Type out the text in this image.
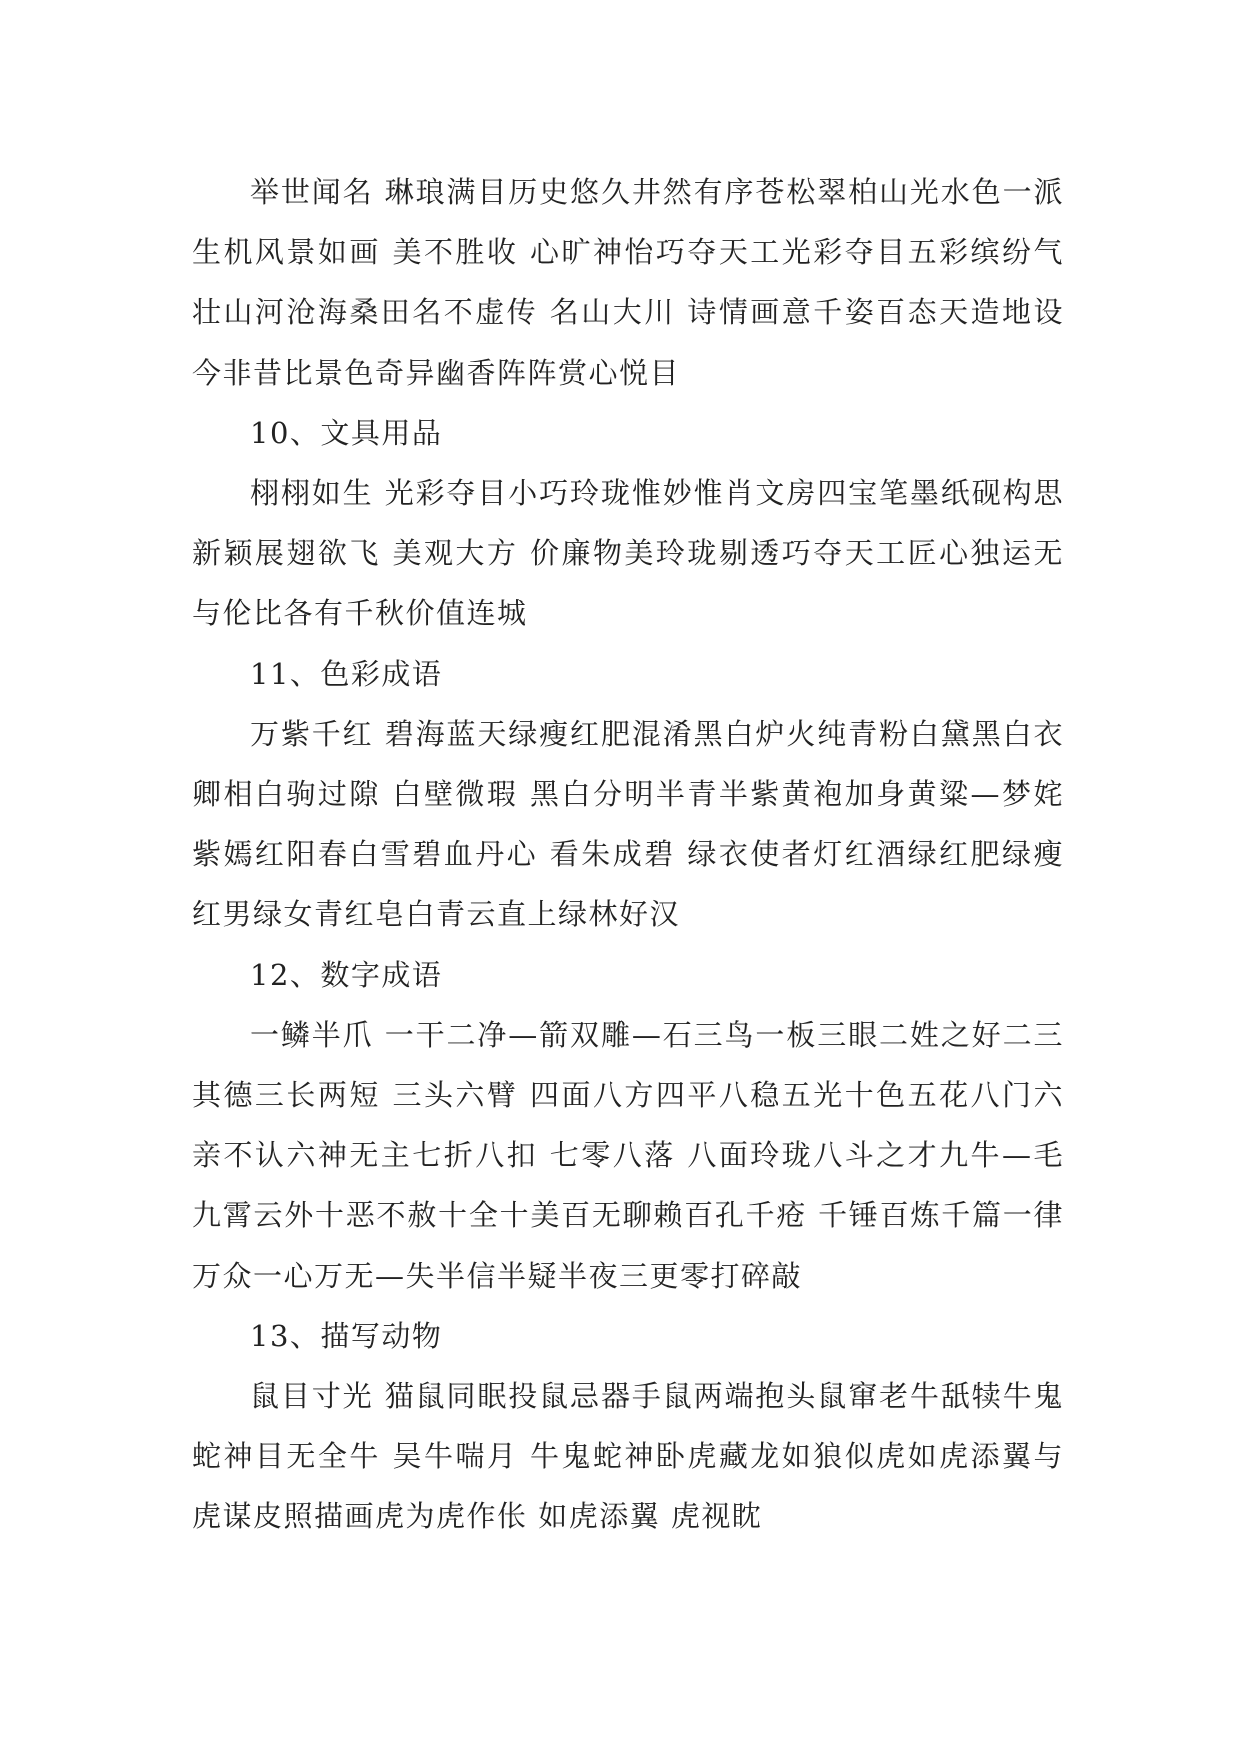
举世闻名 琳琅满目历史悠久井然有序苍松翠柏山光水色一派生机风景如画 美不胜收 心旷神怡巧夺天工光彩夺目五彩缤纷气壮山河沧海桑田名不虚传 名山大川 诗情画意千姿百态天造地设今非昔比景色奇异幽香阵阵赏心悦目

10、文具用品

栩栩如生 光彩夺目小巧玲珑惟妙惟肖文房四宝笔墨纸砚构思新颖展翅欲飞 美观大方 价廉物美玲珑剔透巧夺天工匠心独运无与伦比各有千秋价值连城

11、色彩成语

万紫千红 碧海蓝天绿瘦红肥混淆黑白炉火纯青粉白黛黑白衣卿相白驹过隙 白壁微瑕 黑白分明半青半紫黄袍加身黄粱—梦姹紫嫣红阳春白雪碧血丹心 看朱成碧 绿衣使者灯红酒绿红肥绿瘦红男绿女青红皂白青云直上绿林好汉

12、数字成语

一鳞半爪 一干二净—箭双雕—石三鸟一板三眼二姓之好二三其德三长两短 三头六臂 四面八方四平八稳五光十色五花八门六亲不认六神无主七折八扣 七零八落 八面玲珑八斗之才九牛—毛九霄云外十恶不赦十全十美百无聊赖百孔千疮 千锤百炼千篇一律万众一心万无—失半信半疑半夜三更零打碎敲

13、描写动物

鼠目寸光 猫鼠同眠投鼠忌器手鼠两端抱头鼠窜老牛舐犊牛鬼蛇神目无全牛 吴牛喘月 牛鬼蛇神卧虎藏龙如狼似虎如虎添翼与虎谋皮照描画虎为虎作伥 如虎添翼 虎视眈
